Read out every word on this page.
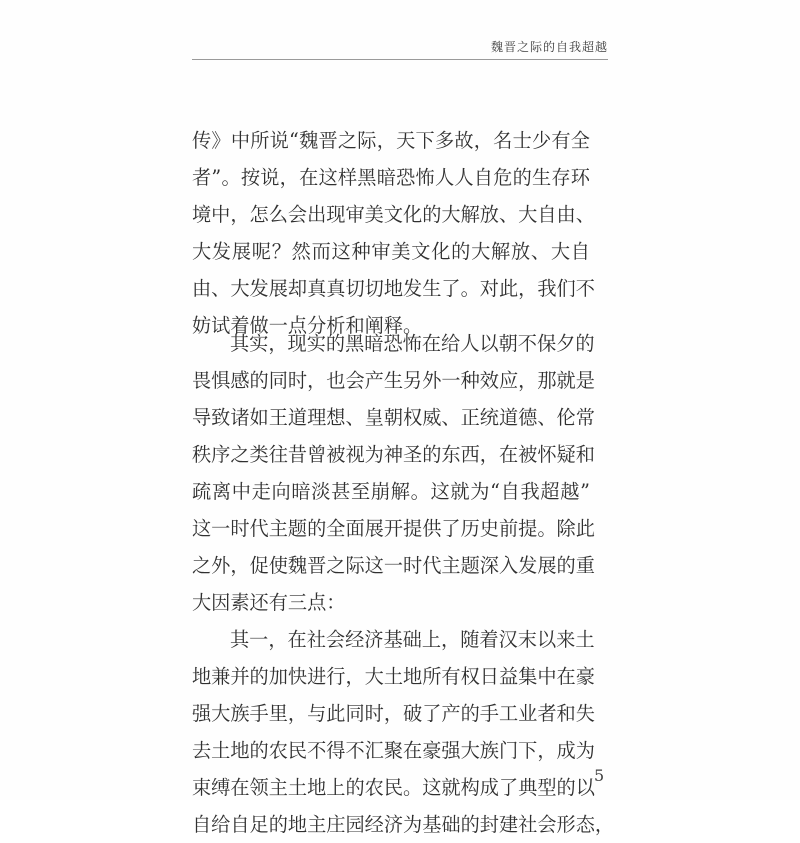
魏晋之际的自我超越
传》中所说“魏晋之际，天下多故，名士少有全
者”。按说，在这样黑暗恐怖人人自危的生存环
境中，怎么会出现审美文化的大解放、大自由、
大发展呢？然而这种审美文化的大解放、大自
由、大发展却真真切切地发生了。对此，我们不
妨试着做一点分析和阐释。
其实，现实的黑暗恐怖在给人以朝不保夕的
畏惧感的同时，也会产生另外一种效应，那就是
导致诸如王道理想、皇朝权威、正统道德、伦常
秩序之类往昔曾被视为神圣的东西，在被怀疑和
疏离中走向暗淡甚至崩解。这就为“自我超越”
这一时代主题的全面展开提供了历史前提。除此
之外，促使魏晋之际这一时代主题深入发展的重
大因素还有三点：
其一，在社会经济基础上，随着汉末以来土
地兼并的加快进行，大土地所有权日益集中在豪
强大族手里，与此同时，破了产的手工业者和失
去土地的农民不得不汇聚在豪强大族门下，成为
束缚在领主土地上的农民。这就构成了典型的以
自给自足的地主庄园经济为基础的封建社会形态，
5
